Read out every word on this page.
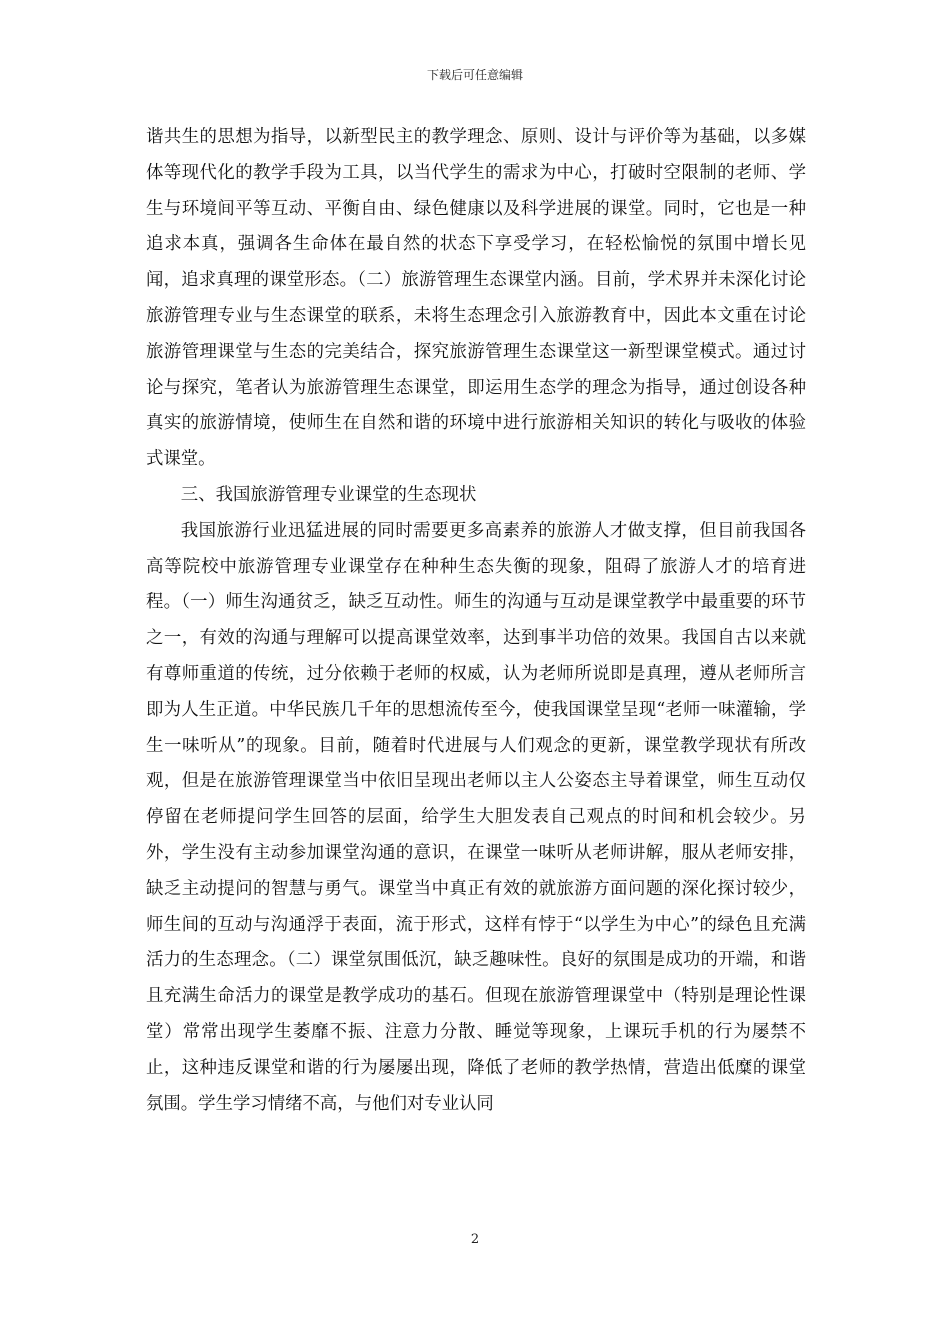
下载后可任意编辑

谐共生的思想为指导，以新型民主的教学理念、原则、设计与评价等为基础，以多媒体等现代化的教学手段为工具，以当代学生的需求为中心，打破时空限制的老师、学生与环境间平等互动、平衡自由、绿色健康以及科学进展的课堂。同时，它也是一种追求本真，强调各生命体在最自然的状态下享受学习，在轻松愉悦的氛围中增长见闻，追求真理的课堂形态。（二）旅游管理生态课堂内涵。目前，学术界并未深化讨论旅游管理专业与生态课堂的联系，未将生态理念引入旅游教育中，因此本文重在讨论旅游管理课堂与生态的完美结合，探究旅游管理生态课堂这一新型课堂模式。通过讨论与探究，笔者认为旅游管理生态课堂，即运用生态学的理念为指导，通过创设各种真实的旅游情境，使师生在自然和谐的环境中进行旅游相关知识的转化与吸收的体验式课堂。

三、我国旅游管理专业课堂的生态现状

我国旅游行业迅猛进展的同时需要更多高素养的旅游人才做支撑，但目前我国各高等院校中旅游管理专业课堂存在种种生态失衡的现象，阻碍了旅游人才的培育进程。（一）师生沟通贫乏，缺乏互动性。师生的沟通与互动是课堂教学中最重要的环节之一，有效的沟通与理解可以提高课堂效率，达到事半功倍的效果。我国自古以来就有尊师重道的传统，过分依赖于老师的权威，认为老师所说即是真理，遵从老师所言即为人生正道。中华民族几千年的思想流传至今，使我国课堂呈现“老师一味灌输，学生一味听从”的现象。目前，随着时代进展与人们观念的更新，课堂教学现状有所改观，但是在旅游管理课堂当中依旧呈现出老师以主人公姿态主导着课堂，师生互动仅停留在老师提问学生回答的层面，给学生大胆发表自己观点的时间和机会较少。另外，学生没有主动参加课堂沟通的意识，在课堂一味听从老师讲解，服从老师安排，缺乏主动提问的智慧与勇气。课堂当中真正有效的就旅游方面问题的深化探讨较少，师生间的互动与沟通浮于表面，流于形式，这样有悖于“以学生为中心”的绿色且充满活力的生态理念。（二）课堂氛围低沉，缺乏趣味性。良好的氛围是成功的开端，和谐且充满生命活力的课堂是教学成功的基石。但现在旅游管理课堂中（特别是理论性课堂）常常出现学生萎靡不振、注意力分散、睡觉等现象，上课玩手机的行为屡禁不止，这种违反课堂和谐的行为屡屡出现，降低了老师的教学热情，营造出低糜的课堂氛围。学生学习情绪不高，与他们对专业认同

2
